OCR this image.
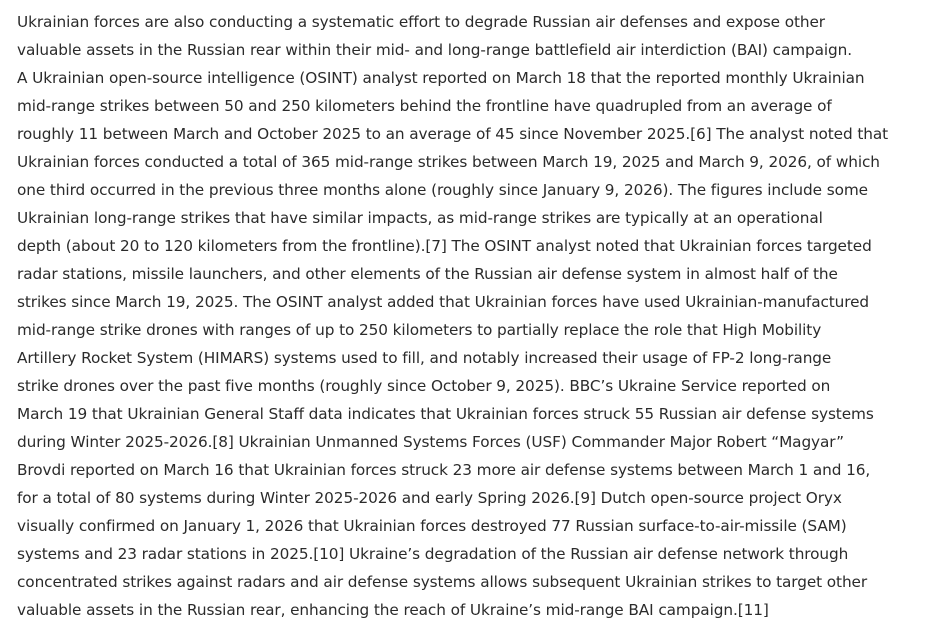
Ukrainian forces are also conducting a systematic effort to degrade Russian air defenses and expose other
valuable assets in the Russian rear within their mid- and long-range battlefield air interdiction (BAI) campaign.
A Ukrainian open-source intelligence (OSINT) analyst reported on March 18 that the reported monthly Ukrainian
mid-range strikes between 50 and 250 kilometers behind the frontline have quadrupled from an average of
roughly 11 between March and October 2025 to an average of 45 since November 2025.[6] The analyst noted that
Ukrainian forces conducted a total of 365 mid-range strikes between March 19, 2025 and March 9, 2026, of which
one third occurred in the previous three months alone (roughly since January 9, 2026). The figures include some
Ukrainian long-range strikes that have similar impacts, as mid-range strikes are typically at an operational
depth (about 20 to 120 kilometers from the frontline).[7] The OSINT analyst noted that Ukrainian forces targeted
radar stations, missile launchers, and other elements of the Russian air defense system in almost half of the
strikes since March 19, 2025. The OSINT analyst added that Ukrainian forces have used Ukrainian-manufactured
mid-range strike drones with ranges of up to 250 kilometers to partially replace the role that High Mobility
Artillery Rocket System (HIMARS) systems used to fill, and notably increased their usage of FP-2 long-range
strike drones over the past five months (roughly since October 9, 2025). BBC’s Ukraine Service reported on
March 19 that Ukrainian General Staff data indicates that Ukrainian forces struck 55 Russian air defense systems
during Winter 2025-2026.[8] Ukrainian Unmanned Systems Forces (USF) Commander Major Robert “Magyar”
Brovdi reported on March 16 that Ukrainian forces struck 23 more air defense systems between March 1 and 16,
for a total of 80 systems during Winter 2025-2026 and early Spring 2026.[9] Dutch open-source project Oryx
visually confirmed on January 1, 2026 that Ukrainian forces destroyed 77 Russian surface-to-air-missile (SAM)
systems and 23 radar stations in 2025.[10] Ukraine’s degradation of the Russian air defense network through
concentrated strikes against radars and air defense systems allows subsequent Ukrainian strikes to target other
valuable assets in the Russian rear, enhancing the reach of Ukraine’s mid-range BAI campaign.[11]
